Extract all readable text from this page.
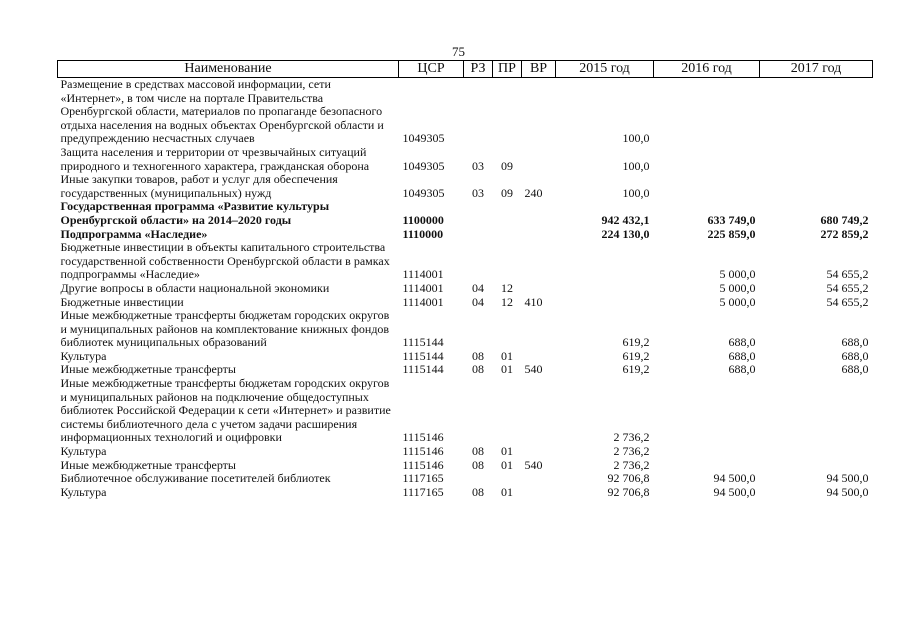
75
Наименование	ЦСР	РЗ	ПР	ВР	2015 год	2016 год	2017 год
Размещение в средствах массовой информации, сети «Интернет», в том числе на портале Правительства Оренбургской области, материалов по пропаганде безопасного отдыха населения на водных объектах Оренбургской области и предупреждению несчастных случаев	1049305				100,0		
Защита населения и территории от чрезвычайных ситуаций природного и техногенного характера, гражданская оборона	1049305	03	09		100,0		
Иные закупки товаров, работ и услуг для обеспечения государственных (муниципальных) нужд	1049305	03	09	240	100,0		
Государственная программа «Развитие культуры Оренбургской области» на 2014–2020 годы	1100000				942 432,1	633 749,0	680 749,2
Подпрограмма «Наследие»	1110000				224 130,0	225 859,0	272 859,2
Бюджетные инвестиции в объекты капитального строительства государственной собственности Оренбургской области в рамках подпрограммы «Наследие»	1114001					5 000,0	54 655,2
Другие вопросы в области национальной экономики	1114001	04	12			5 000,0	54 655,2
Бюджетные инвестиции	1114001	04	12	410		5 000,0	54 655,2
Иные межбюджетные трансферты бюджетам городских округов и муниципальных районов на комплектование книжных фондов библиотек муниципальных образований	1115144				619,2	688,0	688,0
Культура	1115144	08	01		619,2	688,0	688,0
Иные межбюджетные трансферты	1115144	08	01	540	619,2	688,0	688,0
Иные межбюджетные трансферты бюджетам городских округов и муниципальных районов на подключение общедоступных библиотек Российской Федерации к сети «Интернет» и развитие системы библиотечного дела с учетом задачи расширения информационных технологий и оцифровки	1115146				2 736,2		
Культура	1115146	08	01		2 736,2		
Иные межбюджетные трансферты	1115146	08	01	540	2 736,2		
Библиотечное обслуживание посетителей библиотек	1117165				92 706,8	94 500,0	94 500,0
Культура	1117165	08	01		92 706,8	94 500,0	94 500,0
